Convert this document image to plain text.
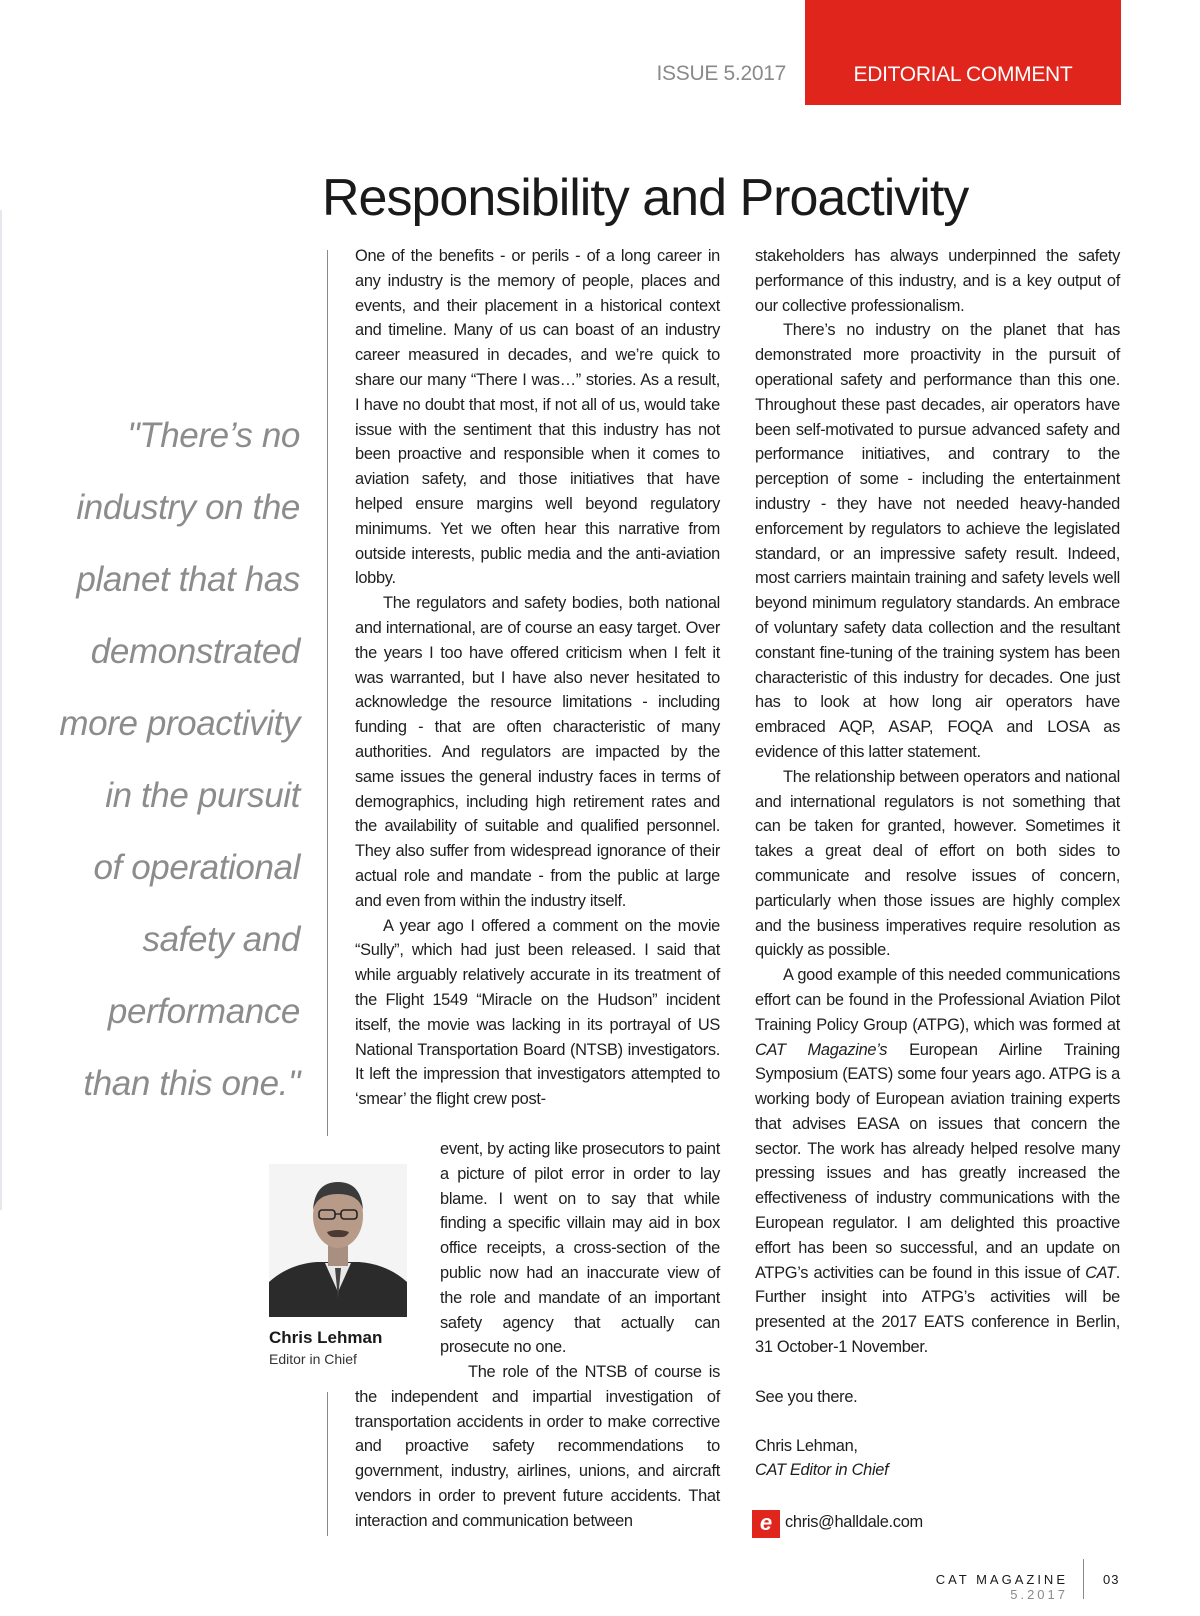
ISSUE 5.2017	EDITORIAL COMMENT
Responsibility and Proactivity
"There’s no
industry on the
planet that has
demonstrated
more proactivity
in the pursuit
of operational
safety and
performance
than this one."

One of the benefits - or perils - of a long career in any industry is the memory of people, places and events, and their placement in a historical context and timeline. Many of us can boast of an industry career measured in decades, and we’re quick to share our many “There I was…” stories. As a result, I have no doubt that most, if not all of us, would take issue with the sentiment that this industry has not been proactive and responsible when it comes to aviation safety, and those initiatives that have helped ensure margins well beyond regulatory minimums. Yet we often hear this narrative from outside interests, public media and the anti-aviation lobby.

The regulators and safety bodies, both national and international, are of course an easy target. Over the years I too have offered criticism when I felt it was warranted, but I have also never hesitated to acknowledge the resource limitations - including funding - that are often characteristic of many authorities. And regulators are impacted by the same issues the general industry faces in terms of demographics, including high retirement rates and the availability of suitable and qualified personnel. They also suffer from widespread ignorance of their actual role and mandate - from the public at large and even from within the industry itself.

A year ago I offered a comment on the movie “Sully”, which had just been released. I said that while arguably relatively accurate in its treatment of the Flight 1549 “Miracle on the Hudson” incident itself, the movie was lacking in its portrayal of US National Transportation Board (NTSB) investigators. It left the impression that investigators attempted to ‘smear’ the flight crew post-

event, by acting like prosecutors to paint a picture of pilot error in order to lay blame. I went on to say that while finding a specific villain may aid in box office receipts, a cross-section of the public now had an inaccurate view of the role and mandate of an important safety agency that actually can prosecute no one.

The role of the NTSB of course is the independent and impartial investigation of transportation accidents in order to make corrective and proactive safety recommendations to government, industry, airlines, unions, and aircraft vendors in order to prevent future accidents. That interaction and communication between

Chris Lehman
Editor in Chief

stakeholders has always underpinned the safety performance of this industry, and is a key output of our collective professionalism.

There’s no industry on the planet that has demonstrated more proactivity in the pursuit of operational safety and performance than this one. Throughout these past decades, air operators have been self-motivated to pursue advanced safety and performance initiatives, and contrary to the perception of some - including the entertainment industry - they have not needed heavy-handed enforcement by regulators to achieve the legislated standard, or an impressive safety result. Indeed, most carriers maintain training and safety levels well beyond minimum regulatory standards. An embrace of voluntary safety data collection and the resultant constant fine-tuning of the training system has been characteristic of this industry for decades. One just has to look at how long air operators have embraced AQP, ASAP, FOQA and LOSA as evidence of this latter statement.

The relationship between operators and national and international regulators is not something that can be taken for granted, however. Sometimes it takes a great deal of effort on both sides to communicate and resolve issues of concern, particularly when those issues are highly complex and the business imperatives require resolution as quickly as possible.

A good example of this needed communications effort can be found in the Professional Aviation Pilot Training Policy Group (ATPG), which was formed at CAT Magazine’s European Airline Training Symposium (EATS) some four years ago. ATPG is a working body of European aviation training experts that advises EASA on issues that concern the sector. The work has already helped resolve many pressing issues and has greatly increased the effectiveness of industry communications with the European regulator. I am delighted this proactive effort has been so successful, and an update on ATPG’s activities can be found in this issue of CAT. Further insight into ATPG’s activities will be presented at the 2017 EATS conference in Berlin, 31 October-1 November.

See you there.
Chris Lehman,
CAT Editor in Chief
e chris@halldale.com
CAT MAGAZINE 5.2017
03
